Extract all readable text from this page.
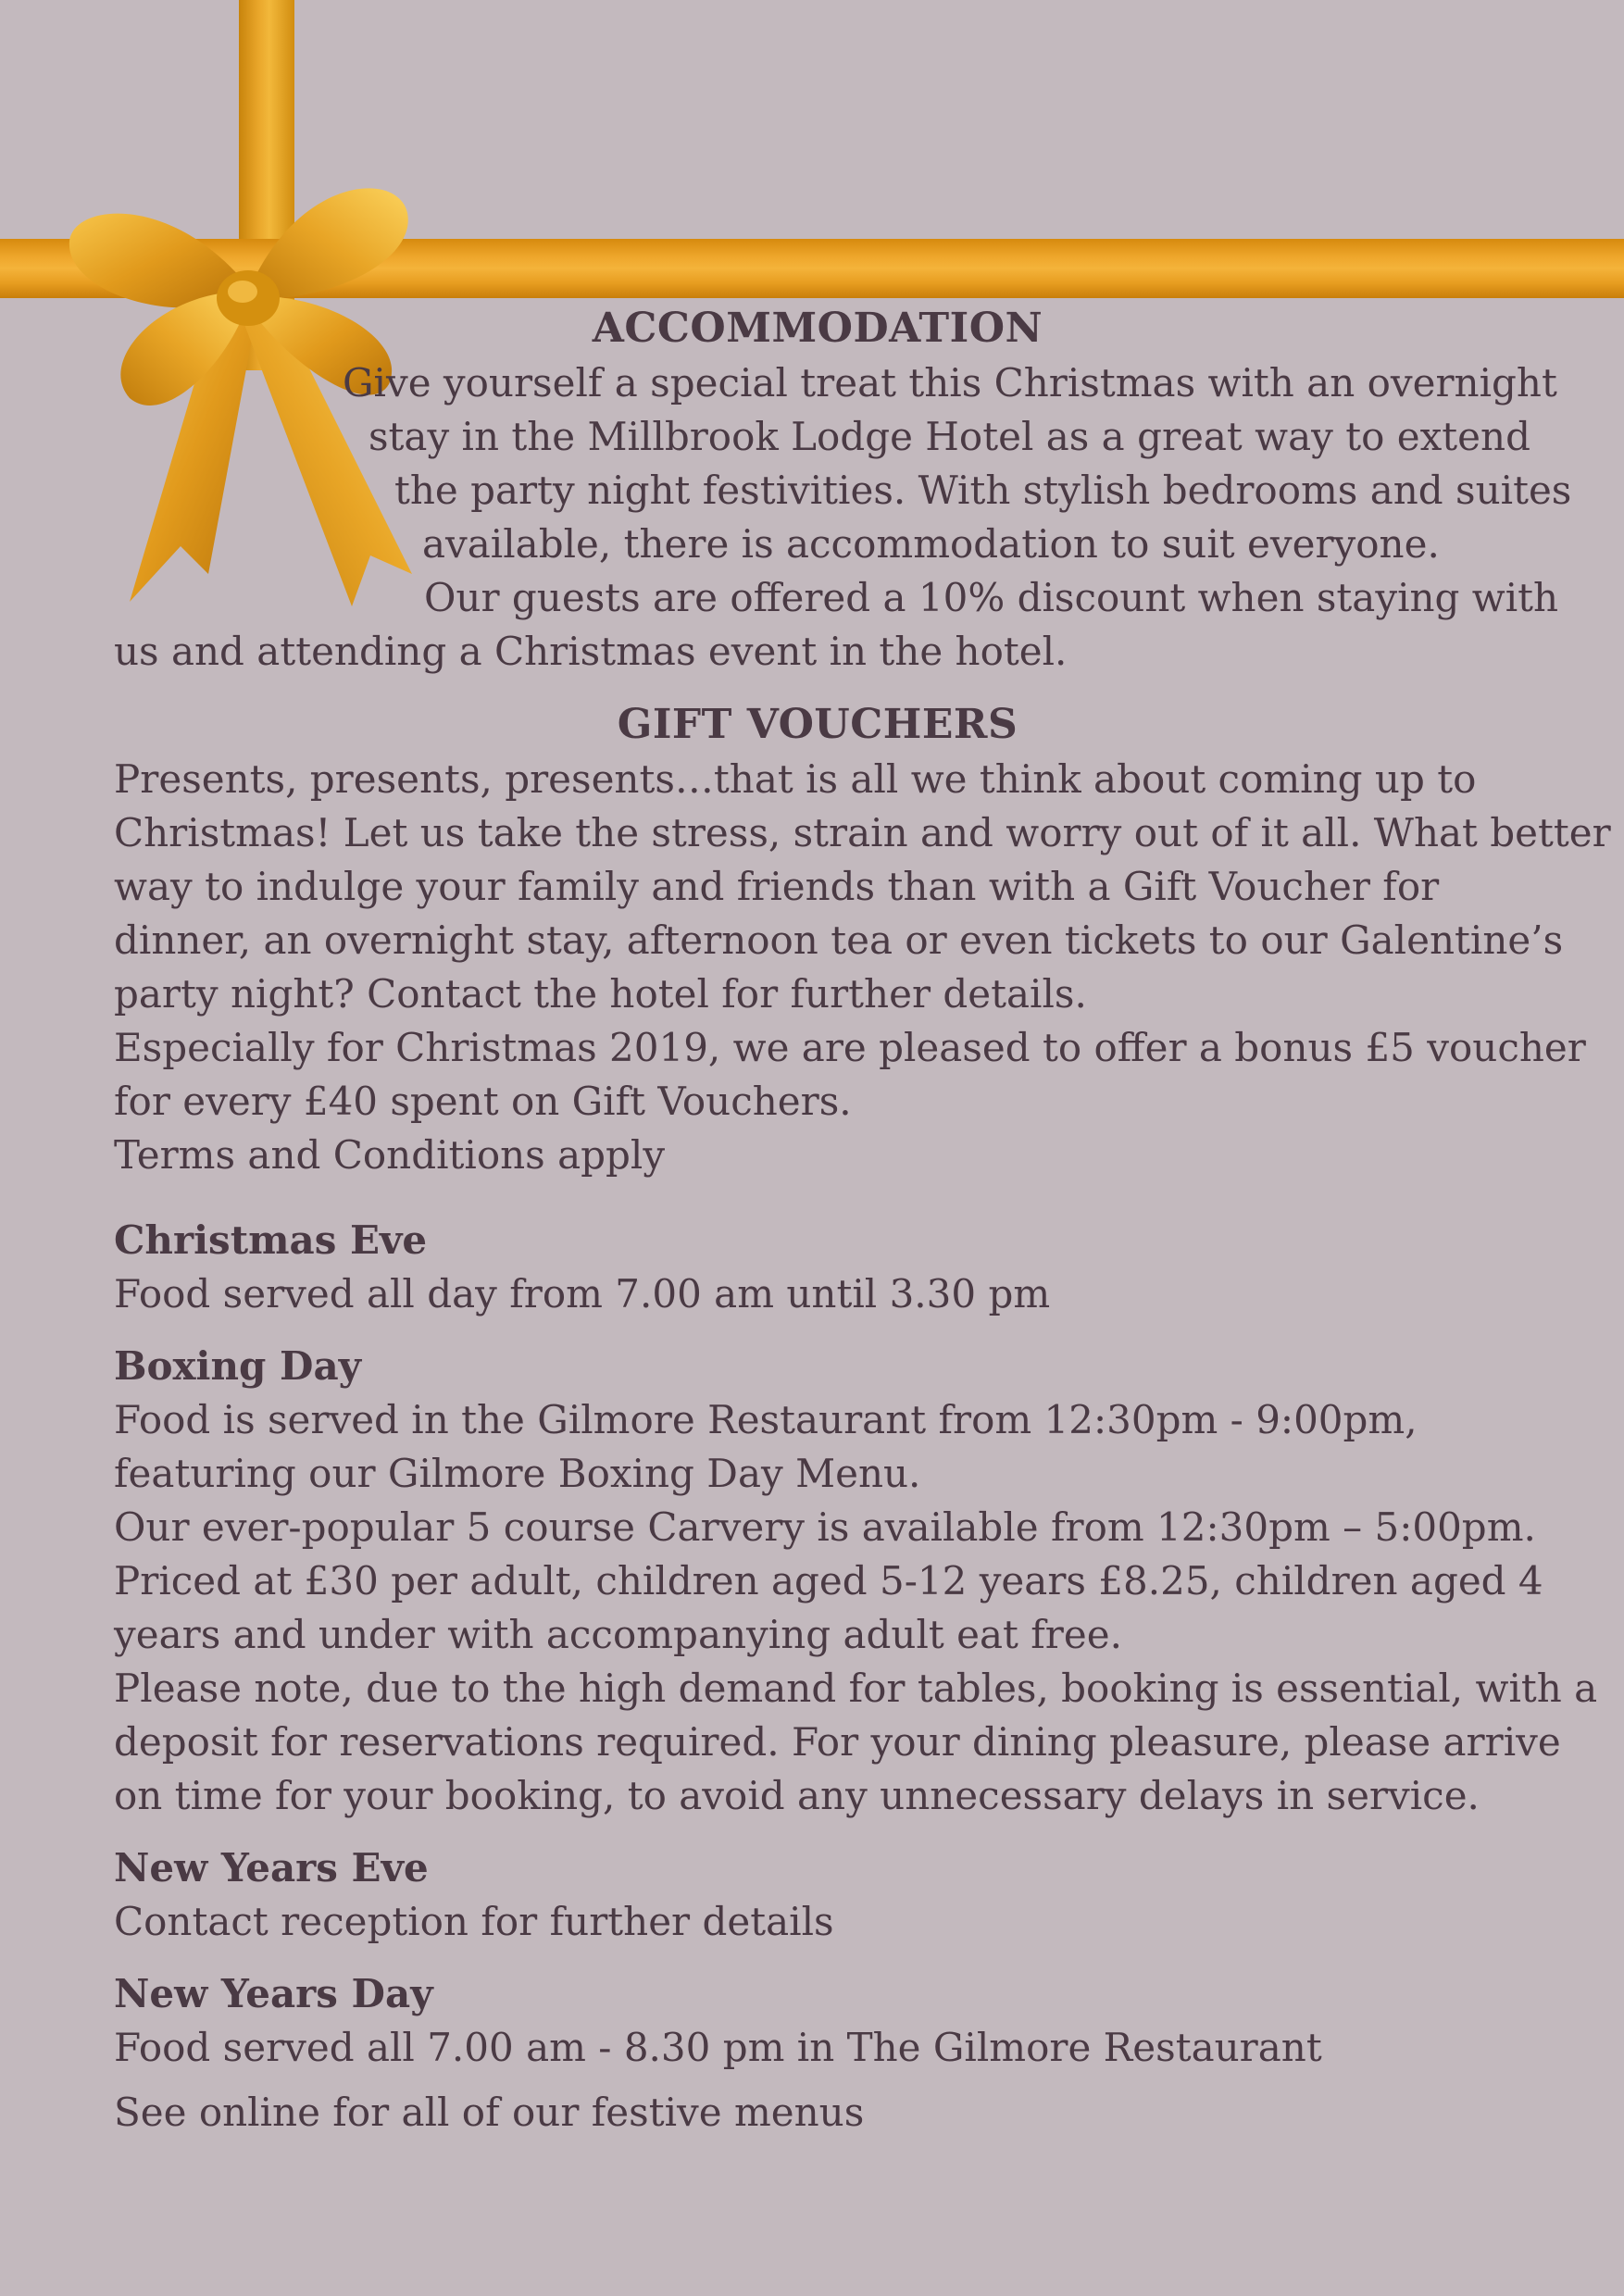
ACCOMMODATION
Give yourself a special treat this Christmas with an overnight
stay in the Millbrook Lodge Hotel as a great way to extend
the party night festivities. With stylish bedrooms and suites
available, there is accommodation to suit everyone.
Our guests are offered a 10% discount when staying with
us and attending a Christmas event in the hotel.
GIFT VOUCHERS
Presents, presents, presents…that is all we think about coming up to
Christmas! Let us take the stress, strain and worry out of it all. What better
way to indulge your family and friends than with a Gift Voucher for
dinner, an overnight stay, afternoon tea or even tickets to our Galentine’s
party night? Contact the hotel for further details.
Especially for Christmas 2019, we are pleased to offer a bonus £5 voucher
for every £40 spent on Gift Vouchers.
Terms and Conditions apply
Christmas Eve
Food served all day from 7.00 am until 3.30 pm
Boxing Day
Food is served in the Gilmore Restaurant from 12:30pm - 9:00pm,
featuring our Gilmore Boxing Day Menu.
Our ever-popular 5 course Carvery is available from 12:30pm – 5:00pm.
Priced at £30 per adult, children aged 5-12 years £8.25, children aged 4
years and under with accompanying adult eat free.
Please note, due to the high demand for tables, booking is essential, with a
deposit for reservations required. For your dining pleasure, please arrive
on time for your booking, to avoid any unnecessary delays in service.
New Years Eve
Contact reception for further details
New Years Day
Food served all 7.00 am - 8.30 pm in The Gilmore Restaurant
See online for all of our festive menus
